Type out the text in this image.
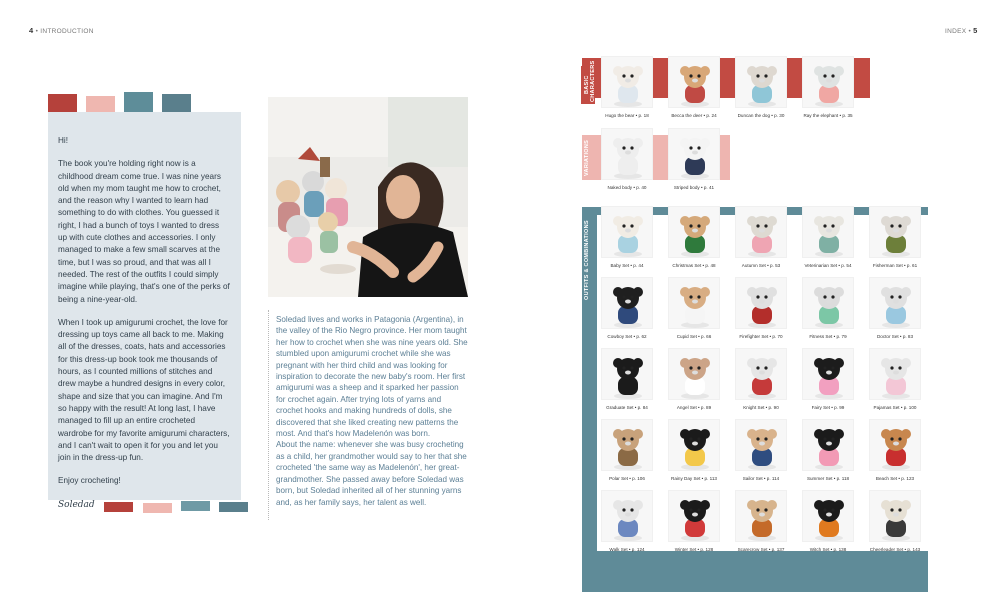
4 • INTRODUCTION	INDEX • 5

Hi!

The book you're holding right now is a childhood dream come true. I was nine years old when my mom taught me how to crochet, and the reason why I wanted to learn had something to do with clothes. You guessed it right, I had a bunch of toys I wanted to dress up with cute clothes and accessories. I only managed to make a few small scarves at the time, but I was so proud, and that was all I needed. The rest of the outfits I could simply imagine while playing, that's one of the perks of being a nine-year-old.

When I took up amigurumi crochet, the love for dressing up toys came all back to me. Making all of the dresses, coats, hats and accessories for this dress-up book took me thousands of hours, as I counted millions of stitches and drew maybe a hundred designs in every color, shape and size that you can imagine. And I'm so happy with the result! At long last, I have managed to fill up an entire crocheted wardrobe for my favorite amigurumi characters, and I can't wait to open it for you and let you join in the dress-up fun.

Enjoy crocheting!

Soledad

Soledad lives and works in Patagonia (Argentina), in the valley of the Rio Negro province. Her mom taught her how to crochet when she was nine years old. She stumbled upon amigurumi crochet while she was pregnant with her third child and was looking for inspiration to decorate the new baby's room. Her first amigurumi was a sheep and it sparked her passion for crochet again. After trying lots of yarns and crochet hooks and making hundreds of dolls, she discovered that she liked creating new patterns the most. And that's how Madelenón was born.

About the name: whenever she was busy crocheting as a child, her grandmother would say to her that she crocheted 'the same way as Madelenón', her great-grandmother. She passed away before Soledad was born, but Soledad inherited all of her stunning yarns and, as her family says, her talent as well.

BASIC CHARACTERS
VARIATIONS
OUTFITS & COMBINATIONS
Hugo the bear • p. 18	Becca the deer • p. 24	Duncan the dog • p. 30	Ray the elephant • p. 35
Naked body • p. 40	Striped body • p. 41
Baby Set • p. 44	Christmas Set • p. 48	Autumn Set • p. 53	Veterinarian Set • p. 54	Fisherman Set • p. 61
Cowboy Set • p. 62	Cupid Set • p. 66	Firefighter Set • p. 70	Fitness Set • p. 79	Doctor Set • p. 83
Graduate Set • p. 84	Angel Set • p. 89	Knight Set • p. 90	Fairy Set • p. 99	Pajamas Set • p. 100
Polar Set • p. 106	Rainy Day Set • p. 113	Sailor Set • p. 114	Summer Set • p. 118	Beach Set • p. 123
Walk Set • p. 124	Winter Set • p. 128	Scarecrow Set • p. 137	Witch Set • p. 138	Cheerleader Set • p. 143
